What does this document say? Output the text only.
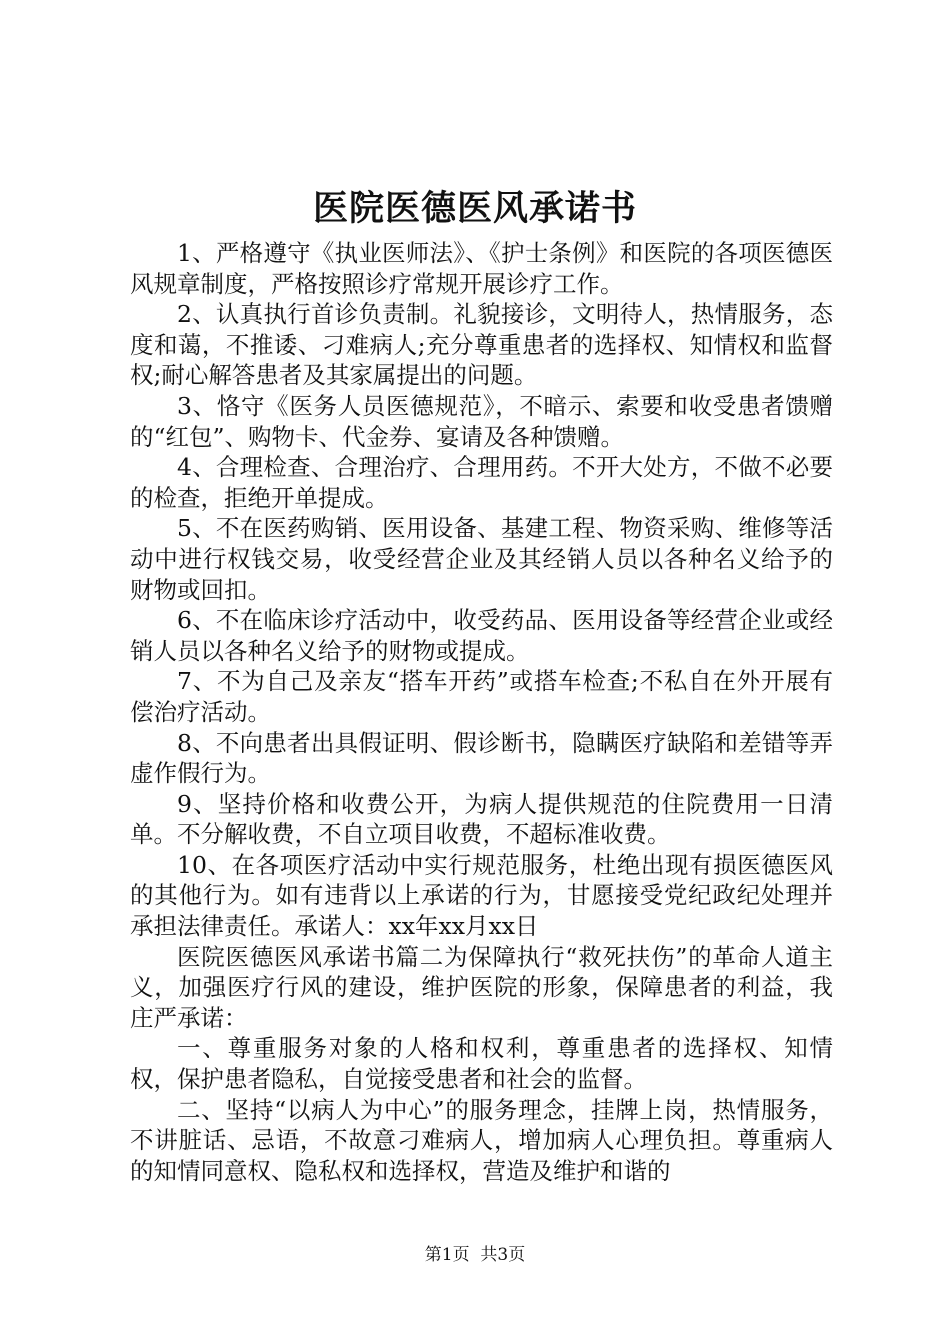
医院医德医风承诺书

1、严格遵守《执业医师法》、《护士条例》和医院的各项医德医风规章制度，严格按照诊疗常规开展诊疗工作。

2、认真执行首诊负责制。礼貌接诊，文明待人，热情服务，态度和蔼，不推诿、刁难病人;充分尊重患者的选择权、知情权和监督权;耐心解答患者及其家属提出的问题。

3、恪守《医务人员医德规范》，不暗示、索要和收受患者馈赠的“红包”、购物卡、代金券、宴请及各种馈赠。

4、合理检查、合理治疗、合理用药。不开大处方，不做不必要的检查，拒绝开单提成。

5、不在医药购销、医用设备、基建工程、物资采购、维修等活动中进行权钱交易，收受经营企业及其经销人员以各种名义给予的财物或回扣。

6、不在临床诊疗活动中，收受药品、医用设备等经营企业或经销人员以各种名义给予的财物或提成。

7、不为自己及亲友“搭车开药”或搭车检查;不私自在外开展有偿治疗活动。

8、不向患者出具假证明、假诊断书，隐瞒医疗缺陷和差错等弄虚作假行为。

9、坚持价格和收费公开，为病人提供规范的住院费用一日清单。不分解收费，不自立项目收费，不超标准收费。

10、在各项医疗活动中实行规范服务，杜绝出现有损医德医风的其他行为。如有违背以上承诺的行为，甘愿接受党纪政纪处理并承担法律责任。承诺人：xx年xx月xx日

医院医德医风承诺书篇二为保障执行“救死扶伤”的革命人道主义，加强医疗行风的建设，维护医院的形象，保障患者的利益，我庄严承诺：

一、尊重服务对象的人格和权利，尊重患者的选择权、知情权，保护患者隐私，自觉接受患者和社会的监督。

二、坚持“以病人为中心”的服务理念，挂牌上岗，热情服务，不讲脏话、忌语，不故意刁难病人，增加病人心理负担。尊重病人的知情同意权、隐私权和选择权，营造及维护和谐的

第1页 共3页
